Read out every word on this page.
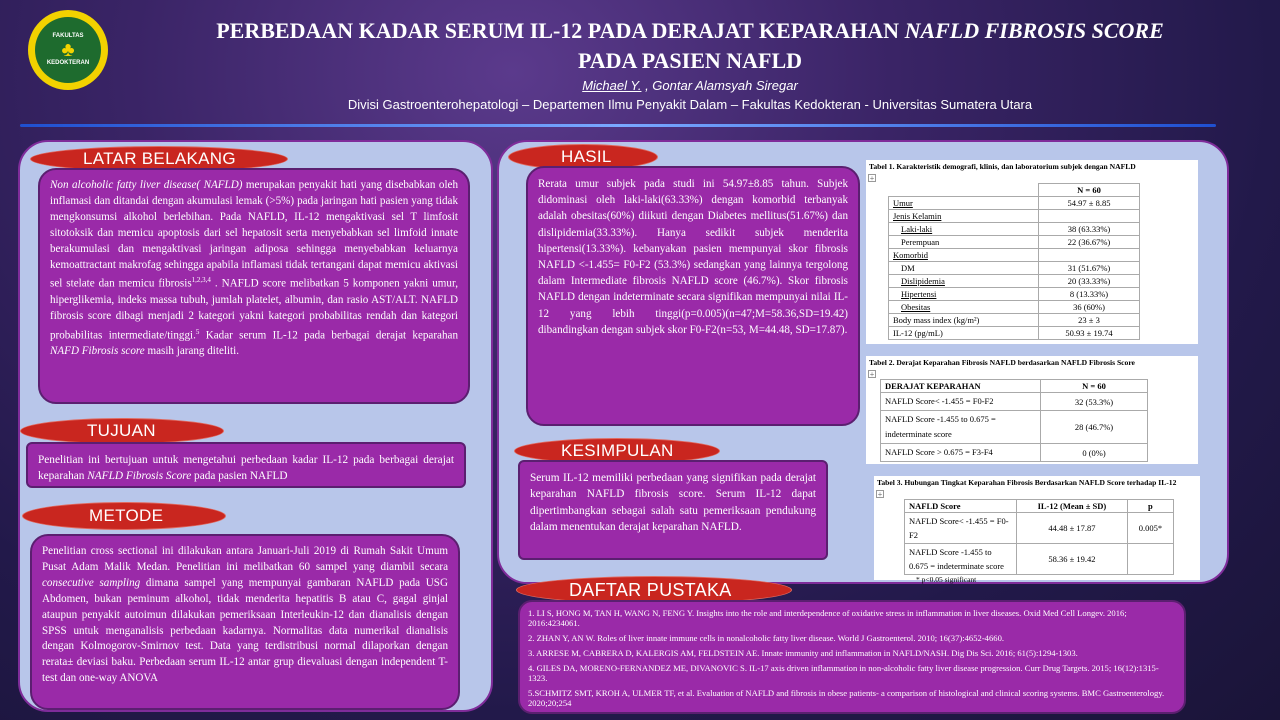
FAKULTAS
♣
KEDOKTERAN
PERBEDAAN KADAR SERUM IL-12 PADA DERAJAT KEPARAHAN NAFLD FIBROSIS SCORE
PADA PASIEN NAFLD
Michael Y. , Gontar Alamsyah Siregar
Divisi Gastroenterohepatologi – Departemen Ilmu Penyakit Dalam – Fakultas Kedokteran - Universitas Sumatera Utara
LATAR BELAKANG
Non alcoholic fatty liver disease( NAFLD) merupakan penyakit hati yang disebabkan oleh inflamasi dan ditandai dengan akumulasi lemak (>5%) pada jaringan hati pasien yang tidak mengkonsumsi alkohol berlebihan. Pada NAFLD, IL-12 mengaktivasi sel T limfosit sitotoksik dan memicu apoptosis dari sel hepatosit serta menyebabkan sel limfoid innate berakumulasi dan mengaktivasi jaringan adiposa sehingga menyebabkan keluarnya kemoattractant makrofag sehingga apabila inflamasi tidak tertangani dapat memicu aktivasi sel stelate dan memicu fibrosis$^{1,2,3,4}$ . NAFLD score melibatkan 5 komponen yakni umur, hiperglikemia, indeks massa tubuh, jumlah platelet, albumin, dan rasio AST/ALT. NAFLD fibrosis score dibagi menjadi 2 kategori yakni kategori probabilitas rendah dan kategori probabilitas intermediate/tinggi.$^5$ Kadar serum IL-12 pada berbagai derajat keparahan NAFD Fibrosis score masih jarang diteliti.
TUJUAN
Penelitian ini bertujuan untuk mengetahui perbedaan kadar IL-12 pada berbagai derajat keparahan NAFLD Fibrosis Score pada pasien NAFLD
METODE
Penelitian cross sectional ini dilakukan antara Januari-Juli 2019 di Rumah Sakit Umum Pusat Adam Malik Medan. Penelitian ini melibatkan 60 sampel yang diambil secara consecutive sampling dimana sampel yang mempunyai gambaran NAFLD pada USG Abdomen, bukan peminum alkohol, tidak menderita hepatitis B atau C, gagal ginjal ataupun penyakit autoimun dilakukan pemeriksaan Interleukin-12 dan dianalisis dengan SPSS untuk menganalisis perbedaan kadarnya. Normalitas data numerikal dianalisis dengan Kolmogorov-Smirnov test. Data yang terdistribusi normal dilaporkan dengan rerata± deviasi baku. Perbedaan serum IL-12 antar grup dievaluasi dengan independent T-test dan one-way ANOVA
HASIL
Rerata umur subjek pada studi ini 54.97±8.85 tahun. Subjek didominasi oleh laki-laki(63.33%) dengan komorbid terbanyak adalah obesitas(60%) diikuti dengan Diabetes mellitus(51.67%) dan dislipidemia(33.33%). Hanya sedikit subjek menderita hipertensi(13.33%). kebanyakan pasien mempunyai skor fibrosis NAFLD <-1.455= F0-F2 (53.3%) sedangkan yang lainnya tergolong dalam Intermediate fibrosis NAFLD score (46.7%). Skor fibrosis NAFLD dengan indeterminate secara signifikan mempunyai nilai IL-12 yang lebih tinggi(p=0.005)(n=47;M=58.36,SD=19.42) dibandingkan dengan subjek skor F0-F2(n=53, M=44.48, SD=17.87).
KESIMPULAN
Serum IL-12 memiliki perbedaan yang signifikan pada derajat keparahan NAFLD fibrosis score. Serum IL-12 dapat dipertimbangkan sebagai salah satu pemeriksaan pendukung dalam menentukan derajat keparahan NAFLD.
Tabel 1. Karakteristik demografi, klinis, dan laboratorium subjek dengan NAFLD
+
	N = 60
Umur	54.97 ± 8.85
Jenis Kelamin	
Laki-laki	38 (63.33%)
Perempuan	22 (36.67%)
Komorbid	
DM	31 (51.67%)
Dislipidemia	20 (33.33%)
Hipertensi	8 (13.33%)
Obesitas	36 (60%)
Body mass index (kg/m²)	23 ± 3
IL-12 (pg/mL)	50.93 ± 19.74
Tabel 2. Derajat Keparahan Fibrosis NAFLD berdasarkan NAFLD Fibrosis Score
+
DERAJAT KEPARAHAN	N = 60
NAFLD Score< -1.455 = F0-F2	32 (53.3%)
NAFLD Score -1.455 to 0.675 = indeterminate score	28 (46.7%)
NAFLD Score > 0.675 = F3-F4	0 (0%)
Tabel 3. Hubungan Tingkat Keparahan Fibrosis Berdasarkan NAFLD Score terhadap IL-12
+
NAFLD Score	IL-12 (Mean ± SD)	p
NAFLD Score< -1.455 = F0-F2	44.48 ± 17.87	0.005*
NAFLD Score -1.455 to 0.675 = indeterminate score	58.36 ± 19.42	
* p<0.05 significant
DAFTAR PUSTAKA

1. LI S, HONG M, TAN H, WANG N, FENG Y. Insights into the role and interdependence of oxidative stress in inflammation in liver diseases. Oxid Med Cell Longev. 2016; 2016:4234061.

2. ZHAN Y, AN W. Roles of liver innate immune cells in nonalcoholic fatty liver disease. World J Gastroenterol. 2010; 16(37):4652-4660.

3. ARRESE M, CABRERA D, KALERGIS AM, FELDSTEIN AE. Innate immunity and inflammation in NAFLD/NASH. Dig Dis Sci. 2016; 61(5):1294-1303.

4. GILES DA, MORENO-FERNANDEZ ME, DIVANOVIC S. IL-17 axis driven inflammation in non-alcoholic fatty liver disease progression. Curr Drug Targets. 2015; 16(12):1315-1323.

5.SCHMITZ SMT, KROH A, ULMER TF, et al. Evaluation of NAFLD and fibrosis in obese patients- a comparison of histological and clinical scoring systems. BMC Gastroenterology. 2020;20;254
